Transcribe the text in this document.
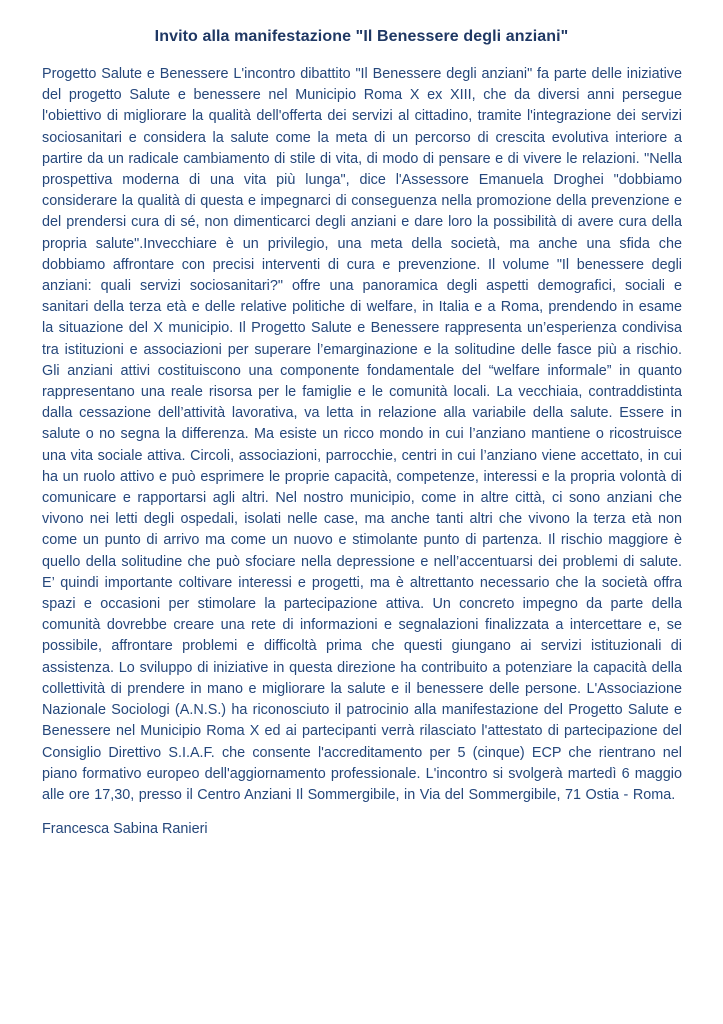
Invito alla manifestazione "Il Benessere degli anziani"

Progetto Salute e Benessere L'incontro dibattito "Il Benessere degli anziani" fa parte delle iniziative del progetto Salute e benessere nel Municipio Roma X ex XIII, che da diversi anni persegue l'obiettivo di migliorare la qualità dell'offerta dei servizi al cittadino, tramite l'integrazione dei servizi sociosanitari e considera la salute come la meta di un percorso di crescita evolutiva interiore a partire da un radicale cambiamento di stile di vita, di modo di pensare e di vivere le relazioni. "Nella prospettiva moderna di una vita più lunga", dice l'Assessore Emanuela Droghei "dobbiamo considerare la qualità di questa e impegnarci di conseguenza nella promozione della prevenzione e del prendersi cura di sé, non dimenticarci degli anziani e dare loro la possibilità di avere cura della propria salute".Invecchiare è un privilegio, una meta della società, ma anche una sfida che dobbiamo affrontare con precisi interventi di cura e prevenzione. Il volume "Il benessere degli anziani: quali servizi sociosanitari?" offre una panoramica degli aspetti demografici, sociali e sanitari della terza età e delle relative politiche di welfare, in Italia e a Roma, prendendo in esame la situazione del X municipio. Il Progetto Salute e Benessere rappresenta un’esperienza condivisa tra istituzioni e associazioni per superare l’emarginazione e la solitudine delle fasce più a rischio. Gli anziani attivi costituiscono una componente fondamentale del “welfare informale” in quanto rappresentano una reale risorsa per le famiglie e le comunità locali. La vecchiaia, contraddistinta dalla cessazione dell’attività lavorativa, va letta in relazione alla variabile della salute. Essere in salute o no segna la differenza. Ma esiste un ricco mondo in cui l’anziano mantiene o ricostruisce una vita sociale attiva. Circoli, associazioni, parrocchie, centri in cui l’anziano viene accettato, in cui ha un ruolo attivo e può esprimere le proprie capacità, competenze, interessi e la propria volontà di comunicare e rapportarsi agli altri. Nel nostro municipio, come in altre città, ci sono anziani che vivono nei letti degli ospedali, isolati nelle case, ma anche tanti altri che vivono la terza età non come un punto di arrivo ma come un nuovo e stimolante punto di partenza. Il rischio maggiore è quello della solitudine che può sfociare nella depressione e nell’accentuarsi dei problemi di salute. E’ quindi importante coltivare interessi e progetti, ma è altrettanto necessario che la società offra spazi e occasioni per stimolare la partecipazione attiva. Un concreto impegno da parte della comunità dovrebbe creare una rete di informazioni e segnalazioni finalizzata a intercettare e, se possibile, affrontare problemi e difficoltà prima che questi giungano ai servizi istituzionali di assistenza. Lo sviluppo di iniziative in questa direzione ha contribuito a potenziare la capacità della collettività di prendere in mano e migliorare la salute e il benessere delle persone. L'Associazione Nazionale Sociologi (A.N.S.) ha riconosciuto il patrocinio alla manifestazione del Progetto Salute e Benessere nel Municipio Roma X ed ai partecipanti verrà rilasciato l'attestato di partecipazione del Consiglio Direttivo S.I.A.F. che consente l'accreditamento per 5 (cinque) ECP che rientrano nel piano formativo europeo dell'aggiornamento professionale. L'incontro si svolgerà martedì 6 maggio alle ore 17,30, presso il Centro Anziani Il Sommergibile, in Via del Sommergibile, 71 Ostia - Roma.

Francesca Sabina Ranieri
